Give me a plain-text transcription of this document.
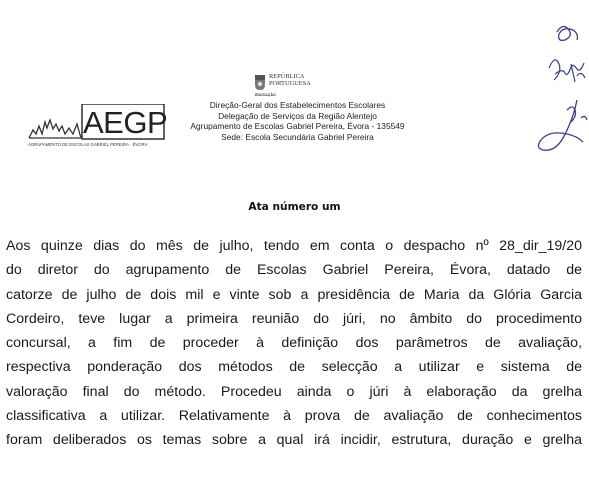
AEGP
AGRUPAMENTO DE ESCOLAS GABRIEL PEREIRA · ÉVORA
REPÚBLICA
PORTUGUESA
EDUCAÇÃO
Direção-Geral dos Estabelecimentos Escolares
Delegação de Serviços da Região Alentejo
Agrupamento de Escolas Gabriel Pereira, Évora - 135549
Sede: Escola Secundária Gabriel Pereira
Ata número um
Aos quinze dias do mês de julho, tendo em conta o despacho nº 28_dir_19/20
do diretor do agrupamento de Escolas Gabriel Pereira, Évora, datado de
catorze de julho de dois mil e vinte sob a presidência de Maria da Glória Garcia
Cordeiro, teve lugar a primeira reunião do júri, no âmbito do procedimento
concursal, a fim de proceder à definição dos parâmetros de avaliação,
respectiva ponderação dos métodos de selecção a utilizar e sistema de
valoração final do método. Procedeu ainda o júri à elaboração da grelha
classificativa a utilizar. Relativamente à prova de avaliação de conhecimentos
foram deliberados os temas sobre a qual irá incidir, estrutura, duração e grelha
